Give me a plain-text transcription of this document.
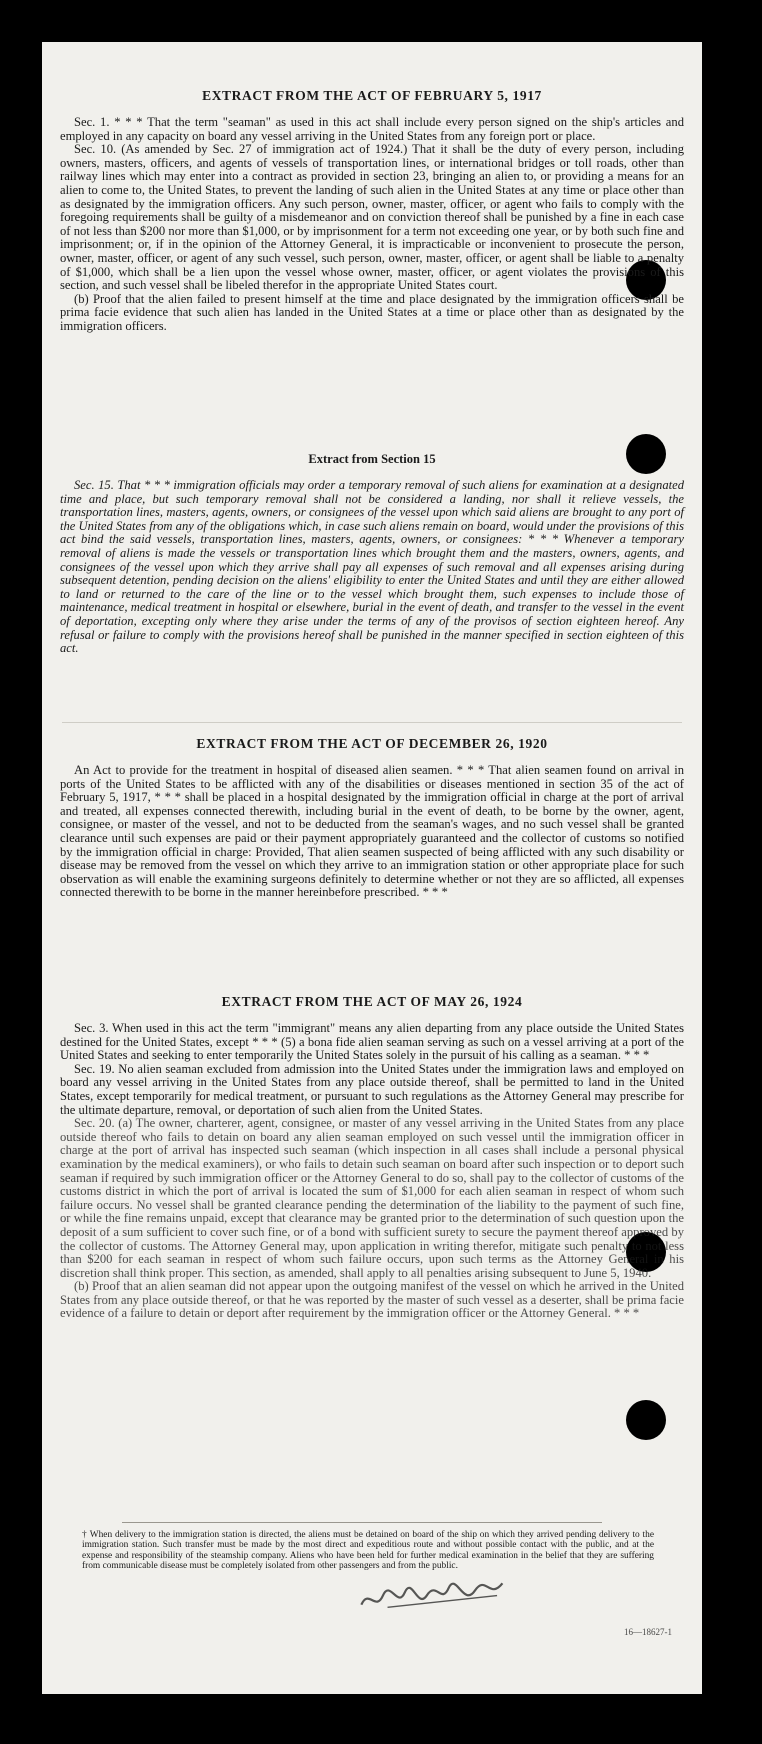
EXTRACT FROM THE ACT OF FEBRUARY 5, 1917

Sec. 1. * * * That the term "seaman" as used in this act shall include every person signed on the ship's articles and employed in any capacity on board any vessel arriving in the United States from any foreign port or place.

Sec. 10. (As amended by Sec. 27 of immigration act of 1924.) That it shall be the duty of every person, including owners, masters, officers, and agents of vessels of transportation lines, or international bridges or toll roads, other than railway lines which may enter into a contract as provided in section 23, bringing an alien to, or providing a means for an alien to come to, the United States, to prevent the landing of such alien in the United States at any time or place other than as designated by the immigration officers. Any such person, owner, master, officer, or agent who fails to comply with the foregoing requirements shall be guilty of a misdemeanor and on conviction thereof shall be punished by a fine in each case of not less than $200 nor more than $1,000, or by imprisonment for a term not exceeding one year, or by both such fine and imprisonment; or, if in the opinion of the Attorney General, it is impracticable or inconvenient to prosecute the person, owner, master, officer, or agent of any such vessel, such person, owner, master, officer, or agent shall be liable to a penalty of $1,000, which shall be a lien upon the vessel whose owner, master, officer, or agent violates the provisions of this section, and such vessel shall be libeled therefor in the appropriate United States court.

(b) Proof that the alien failed to present himself at the time and place designated by the immigration officers shall be prima facie evidence that such alien has landed in the United States at a time or place other than as designated by the immigration officers.

Extract from Section 15

Sec. 15. That * * * immigration officials may order a temporary removal of such aliens for examination at a designated time and place, but such temporary removal shall not be considered a landing, nor shall it relieve vessels, the transportation lines, masters, agents, owners, or consignees of the vessel upon which said aliens are brought to any port of the United States from any of the obligations which, in case such aliens remain on board, would under the provisions of this act bind the said vessels, transportation lines, masters, agents, owners, or consignees: * * * Whenever a temporary removal of aliens is made the vessels or transportation lines which brought them and the masters, owners, agents, and consignees of the vessel upon which they arrive shall pay all expenses of such removal and all expenses arising during subsequent detention, pending decision on the aliens' eligibility to enter the United States and until they are either allowed to land or returned to the care of the line or to the vessel which brought them, such expenses to include those of maintenance, medical treatment in hospital or elsewhere, burial in the event of death, and transfer to the vessel in the event of deportation, excepting only where they arise under the terms of any of the provisos of section eighteen hereof. Any refusal or failure to comply with the provisions hereof shall be punished in the manner specified in section eighteen of this act.

EXTRACT FROM THE ACT OF DECEMBER 26, 1920

An Act to provide for the treatment in hospital of diseased alien seamen. * * * That alien seamen found on arrival in ports of the United States to be afflicted with any of the disabilities or diseases mentioned in section 35 of the act of February 5, 1917, * * * shall be placed in a hospital designated by the immigration official in charge at the port of arrival and treated, all expenses connected therewith, including burial in the event of death, to be borne by the owner, agent, consignee, or master of the vessel, and not to be deducted from the seaman's wages, and no such vessel shall be granted clearance until such expenses are paid or their payment appropriately guaranteed and the collector of customs so notified by the immigration official in charge: Provided, That alien seamen suspected of being afflicted with any such disability or disease may be removed from the vessel on which they arrive to an immigration station or other appropriate place for such observation as will enable the examining surgeons definitely to determine whether or not they are so afflicted, all expenses connected therewith to be borne in the manner hereinbefore prescribed. * * *

EXTRACT FROM THE ACT OF MAY 26, 1924

Sec. 3. When used in this act the term "immigrant" means any alien departing from any place outside the United States destined for the United States, except * * * (5) a bona fide alien seaman serving as such on a vessel arriving at a port of the United States and seeking to enter temporarily the United States solely in the pursuit of his calling as a seaman. * * *

Sec. 19. No alien seaman excluded from admission into the United States under the immigration laws and employed on board any vessel arriving in the United States from any place outside thereof, shall be permitted to land in the United States, except temporarily for medical treatment, or pursuant to such regulations as the Attorney General may prescribe for the ultimate departure, removal, or deportation of such alien from the United States.

Sec. 20. (a) The owner, charterer, agent, consignee, or master of any vessel arriving in the United States from any place outside thereof who fails to detain on board any alien seaman employed on such vessel until the immigration officer in charge at the port of arrival has inspected such seaman (which inspection in all cases shall include a personal physical examination by the medical examiners), or who fails to detain such seaman on board after such inspection or to deport such seaman if required by such immigration officer or the Attorney General to do so, shall pay to the collector of customs of the customs district in which the port of arrival is located the sum of $1,000 for each alien seaman in respect of whom such failure occurs. No vessel shall be granted clearance pending the determination of the liability to the payment of such fine, or while the fine remains unpaid, except that clearance may be granted prior to the determination of such question upon the deposit of a sum sufficient to cover such fine, or of a bond with sufficient surety to secure the payment thereof approved by the collector of customs. The Attorney General may, upon application in writing therefor, mitigate such penalty to not less than $200 for each seaman in respect of whom such failure occurs, upon such terms as the Attorney General in his discretion shall think proper. This section, as amended, shall apply to all penalties arising subsequent to June 5, 1940.

(b) Proof that an alien seaman did not appear upon the outgoing manifest of the vessel on which he arrived in the United States from any place outside thereof, or that he was reported by the master of such vessel as a deserter, shall be prima facie evidence of a failure to detain or deport after requirement by the immigration officer or the Attorney General. * * *

† When delivery to the immigration station is directed, the aliens must be detained on board of the ship on which they arrived pending delivery to the immigration station. Such transfer must be made by the most direct and expeditious route and without possible contact with the public, and at the expense and responsibility of the steamship company. Aliens who have been held for further medical examination in the belief that they are suffering from communicable disease must be completely isolated from other passengers and from the public.
16—18627-1
